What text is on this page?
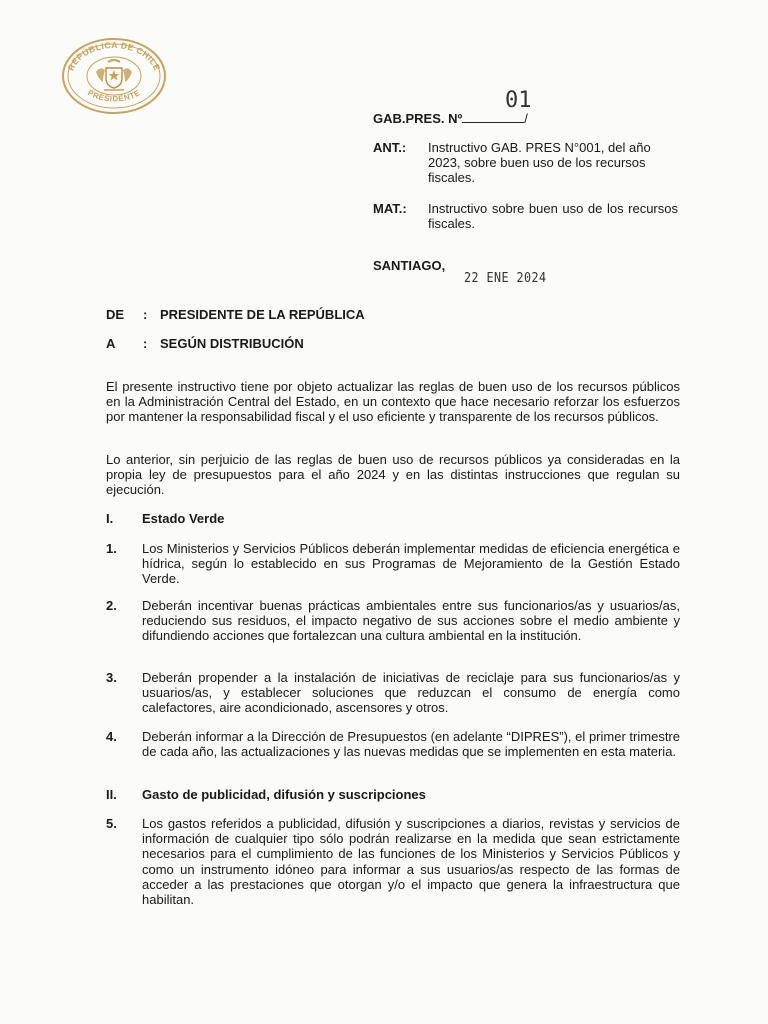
REPÚBLICA DE CHILE
PRESIDENTE	01
GAB.PRES. Nº	/
ANT.: Instructivo GAB. PRES N°001, del año 2023, sobre buen uso de los recursos fiscales.
MAT.: Instructivo sobre buen uso de los recursos fiscales.
SANTIAGO,
22 ENE 2024
DE : PRESIDENTE DE LA REPÚBLICA
A : SEGÚN DISTRIBUCIÓN
El presente instructivo tiene por objeto actualizar las reglas de buen uso de los recursos públicos en la Administración Central del Estado, en un contexto que hace necesario reforzar los esfuerzos por mantener la responsabilidad fiscal y el uso eficiente y transparente de los recursos públicos.
Lo anterior, sin perjuicio de las reglas de buen uso de recursos públicos ya consideradas en la propia ley de presupuestos para el año 2024 y en las distintas instrucciones que regulan su ejecución.
I. Estado Verde
1. Los Ministerios y Servicios Públicos deberán implementar medidas de eficiencia energética e hídrica, según lo establecido en sus Programas de Mejoramiento de la Gestión Estado Verde.
2. Deberán incentivar buenas prácticas ambientales entre sus funcionarios/as y usuarios/as, reduciendo sus residuos, el impacto negativo de sus acciones sobre el medio ambiente y difundiendo acciones que fortalezcan una cultura ambiental en la institución.
3. Deberán propender a la instalación de iniciativas de reciclaje para sus funcionarios/as y usuarios/as, y establecer soluciones que reduzcan el consumo de energía como calefactores, aire acondicionado, ascensores y otros.
4. Deberán informar a la Dirección de Presupuestos (en adelante “DIPRES”), el primer trimestre de cada año, las actualizaciones y las nuevas medidas que se implementen en esta materia.
II. Gasto de publicidad, difusión y suscripciones
5. Los gastos referidos a publicidad, difusión y suscripciones a diarios, revistas y servicios de información de cualquier tipo sólo podrán realizarse en la medida que sean estrictamente necesarios para el cumplimiento de las funciones de los Ministerios y Servicios Públicos y como un instrumento idóneo para informar a sus usuarios/as respecto de las formas de acceder a las prestaciones que otorgan y/o el impacto que genera la infraestructura que habilitan.
